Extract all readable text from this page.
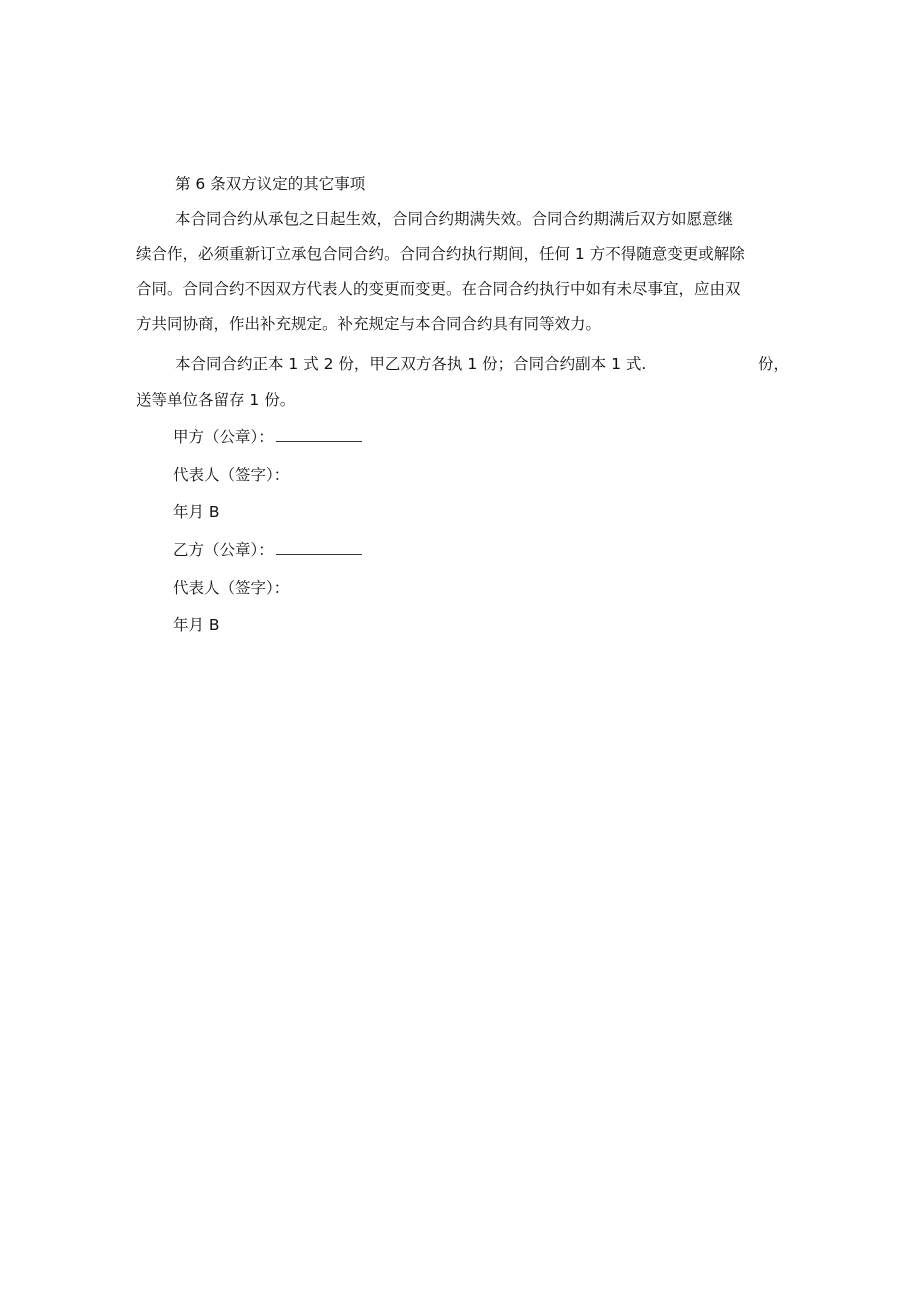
第 6 条双方议定的其它事项
本合同合约从承包之日起生效，合同合约期满失效。合同合约期满后双方如愿意继
续合作，必须重新订立承包合同合约。合同合约执行期间，任何 1 方不得随意变更或解除
合同。合同合约不因双方代表人的变更而变更。在合同合约执行中如有未尽事宜，应由双
方共同协商，作出补充规定。补充规定与本合同合约具有同等效力。
本合同合约正本 1 式 2 份，甲乙双方各执 1 份；合同合约副本 1 式.	份，
送等单位各留存 1 份。
甲方（公章）：
代表人（签字）：
年月 B
乙方（公章）：
代表人（签字）：
年月 B
